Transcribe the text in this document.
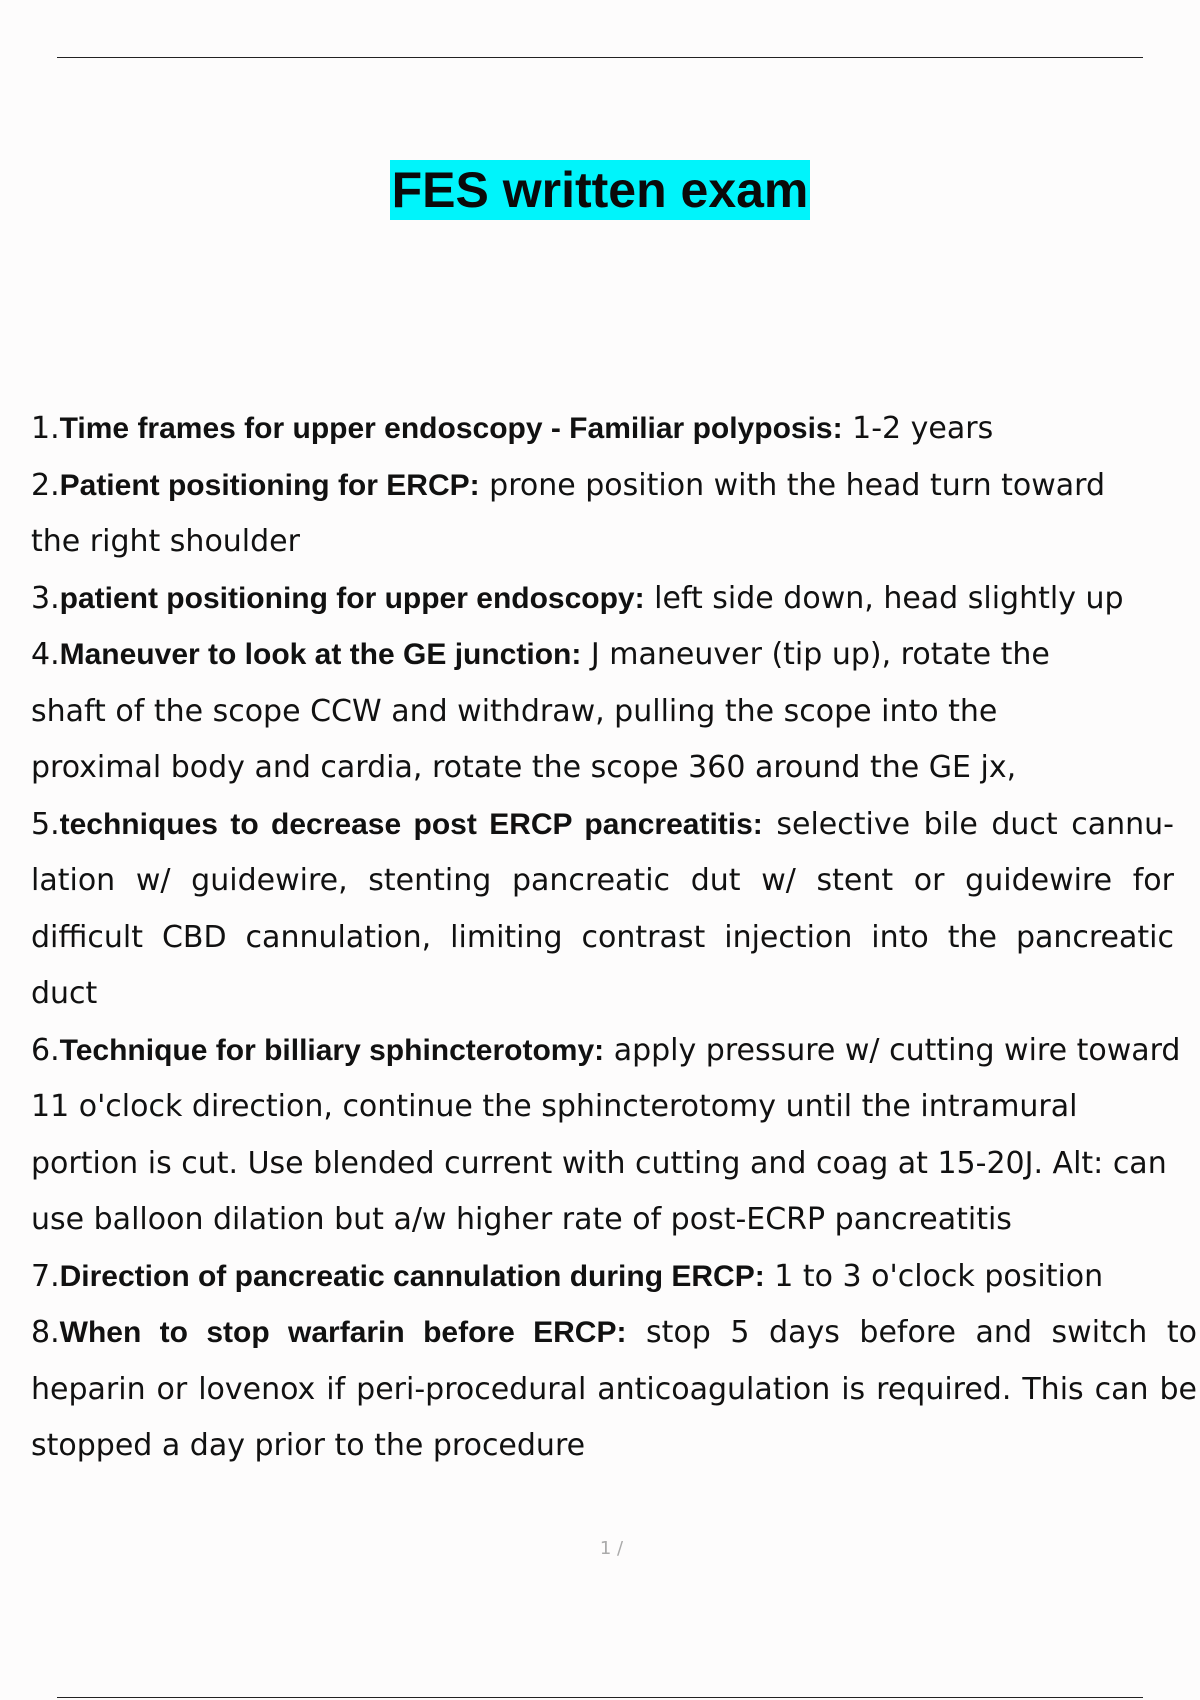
FES written exam
1.Time frames for upper endoscopy - Familiar polyposis: 1-2 years
2.Patient positioning for ERCP: prone position with the head turn toward the right shoulder
3.patient positioning for upper endoscopy: left side down, head slightly up
4.Maneuver to look at the GE junction: J maneuver (tip up), rotate the shaft of the scope CCW and withdraw, pulling the scope into the proximal body and cardia, rotate the scope 360 around the GE jx,
5.techniques to decrease post ERCP pancreatitis: selective bile duct cannu- lation w/ guidewire, stenting pancreatic dut w/ stent or guidewire for difficult CBD cannulation, limiting contrast injection into the pancreatic duct
6.Technique for billiary sphincterotomy: apply pressure w/ cutting wire toward 11 o'clock direction, continue the sphincterotomy until the intramural portion is cut. Use blended current with cutting and coag at 15-20J. Alt: can use balloon dilation but a/w higher rate of post-ECRP pancreatitis
7.Direction of pancreatic cannulation during ERCP: 1 to 3 o'clock position
8.When to stop warfarin before ERCP: stop 5 days before and switch to heparin or lovenox if peri-procedural anticoagulation is required. This can be stopped a day prior to the procedure
1 /
